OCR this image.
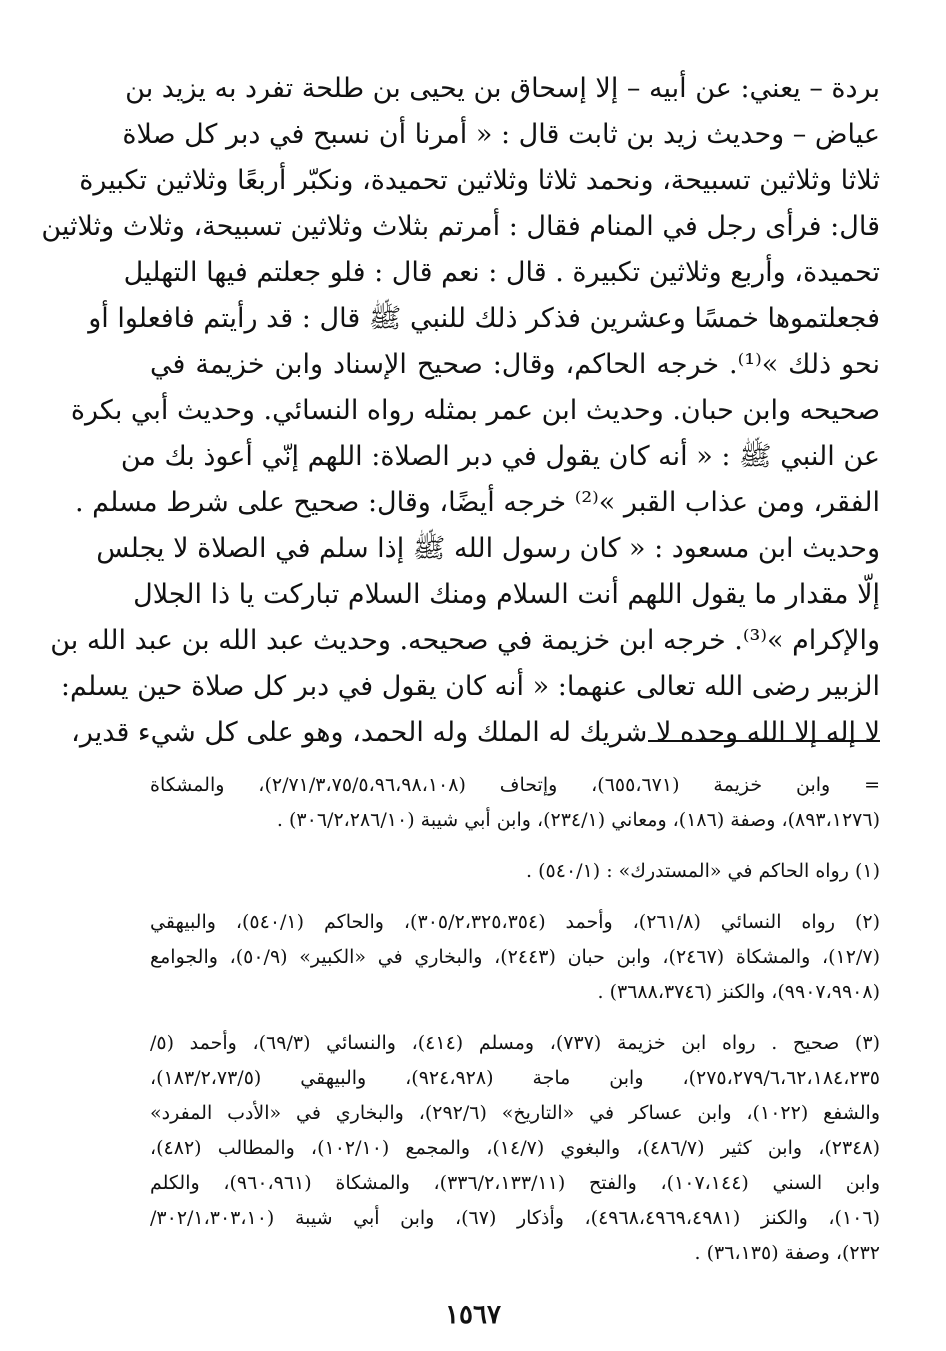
بردة – يعني: عن أبيه – إلا إسحاق بن يحيى بن طلحة تفرد به يزيد بن
عياض – وحديث زيد بن ثابت قال : « أمرنا أن نسبح في دبر كل صلاة
ثلاثا وثلاثين تسبيحة، ونحمد ثلاثا وثلاثين تحميدة، ونكبّر أربعًا وثلاثين تكبيرة
قال: فرأى رجل في المنام فقال : أمرتم بثلاث وثلاثين تسبيحة، وثلاث وثلاثين
تحميدة، وأربع وثلاثين تكبيرة . قال : نعم قال : فلو جعلتم فيها التهليل
فجعلتموها خمسًا وعشرين فذكر ذلك للنبي ﷺ قال : قد رأيتم فافعلوا أو
نحو ذلك »⁽¹⁾. خرجه الحاكم، وقال: صحيح الإسناد وابن خزيمة في
صحيحه وابن حبان. وحديث ابن عمر بمثله رواه النسائي. وحديث أبي بكرة
عن النبي ﷺ : « أنه كان يقول في دبر الصلاة: اللهم إنّي أعوذ بك من
الفقر، ومن عذاب القبر »⁽²⁾ خرجه أيضًا، وقال: صحيح على شرط مسلم .
وحديث ابن مسعود : « كان رسول الله ﷺ إذا سلم في الصلاة لا يجلس
إلّا مقدار ما يقول اللهم أنت السلام ومنك السلام تباركت يا ذا الجلال
والإكرام »⁽³⁾. خرجه ابن خزيمة في صحيحه. وحديث عبد الله بن عبد الله بن
الزبير رضى الله تعالى عنهما: « أنه كان يقول في دبر كل صلاة حين يسلم:
لا إله إلا الله وحده لا شريك له الملك وله الحمد، وهو على كل شيء قدير،
= وابن خزيمة (٦٥٥،٦٧١)، وإتحاف (٢/٧١/٣،٧٥/٥،٩٦،٩٨،١٠٨)، والمشكاة
(٨٩٣،١٢٧٦)، وصفة (١٨٦)، ومعاني (٢٣٤/١)، وابن أبي شيبة (٣٠٦/٢،٢٨٦/١٠) .
(١) رواه الحاكم في «المستدرك» : (٥٤٠/١) .
(٢) رواه النسائي (٢٦١/٨)، وأحمد (٣٠٥/٢،٣٢٥،٣٥٤)، والحاكم (٥٤٠/١)، والبيهقي
(١٢/٧)، والمشكاة (٢٤٦٧)، وابن حبان (٢٤٤٣)، والبخاري في «الكبير» (٥٠/٩)، والجوامع
(٩٩٠٧،٩٩٠٨)، والكنز (٣٦٨٨،٣٧٤٦) .
(٣) صحيح . رواه ابن خزيمة (٧٣٧)، ومسلم (٤١٤)، والنسائي (٦٩/٣)، وأحمد (٥/
٢٧٥،٢٧٩/٦،٦٢،١٨٤،٢٣٥)، وابن ماجة (٩٢٤،٩٢٨)، والبيهقي (١٨٣/٢،٧٣/٥)،
والشفع (١٠٢٢)، وابن عساكر في «التاريخ» (٢٩٢/٦)، والبخاري في «الأدب المفرد»
(٢٣٤٨)، وابن كثير (٤٨٦/٧)، والبغوي (١٤/٧)، والمجمع (١٠٢/١٠)، والمطالب (٤٨٢)،
وابن السني (١٠٧،١٤٤)، والفتح (٣٣٦/٢،١٣٣/١١)، والمشكاة (٩٦٠،٩٦١)، والكلم
(١٠٦)، والكنز (٤٩٦٨،٤٩٦٩،٤٩٨١)، وأذكار (٦٧)، وابن أبي شيبة (٣٠٢/١،٣٠٣،١٠/
٢٣٢)، وصفة (٣٦،١٣٥) .
١٥٦٧
